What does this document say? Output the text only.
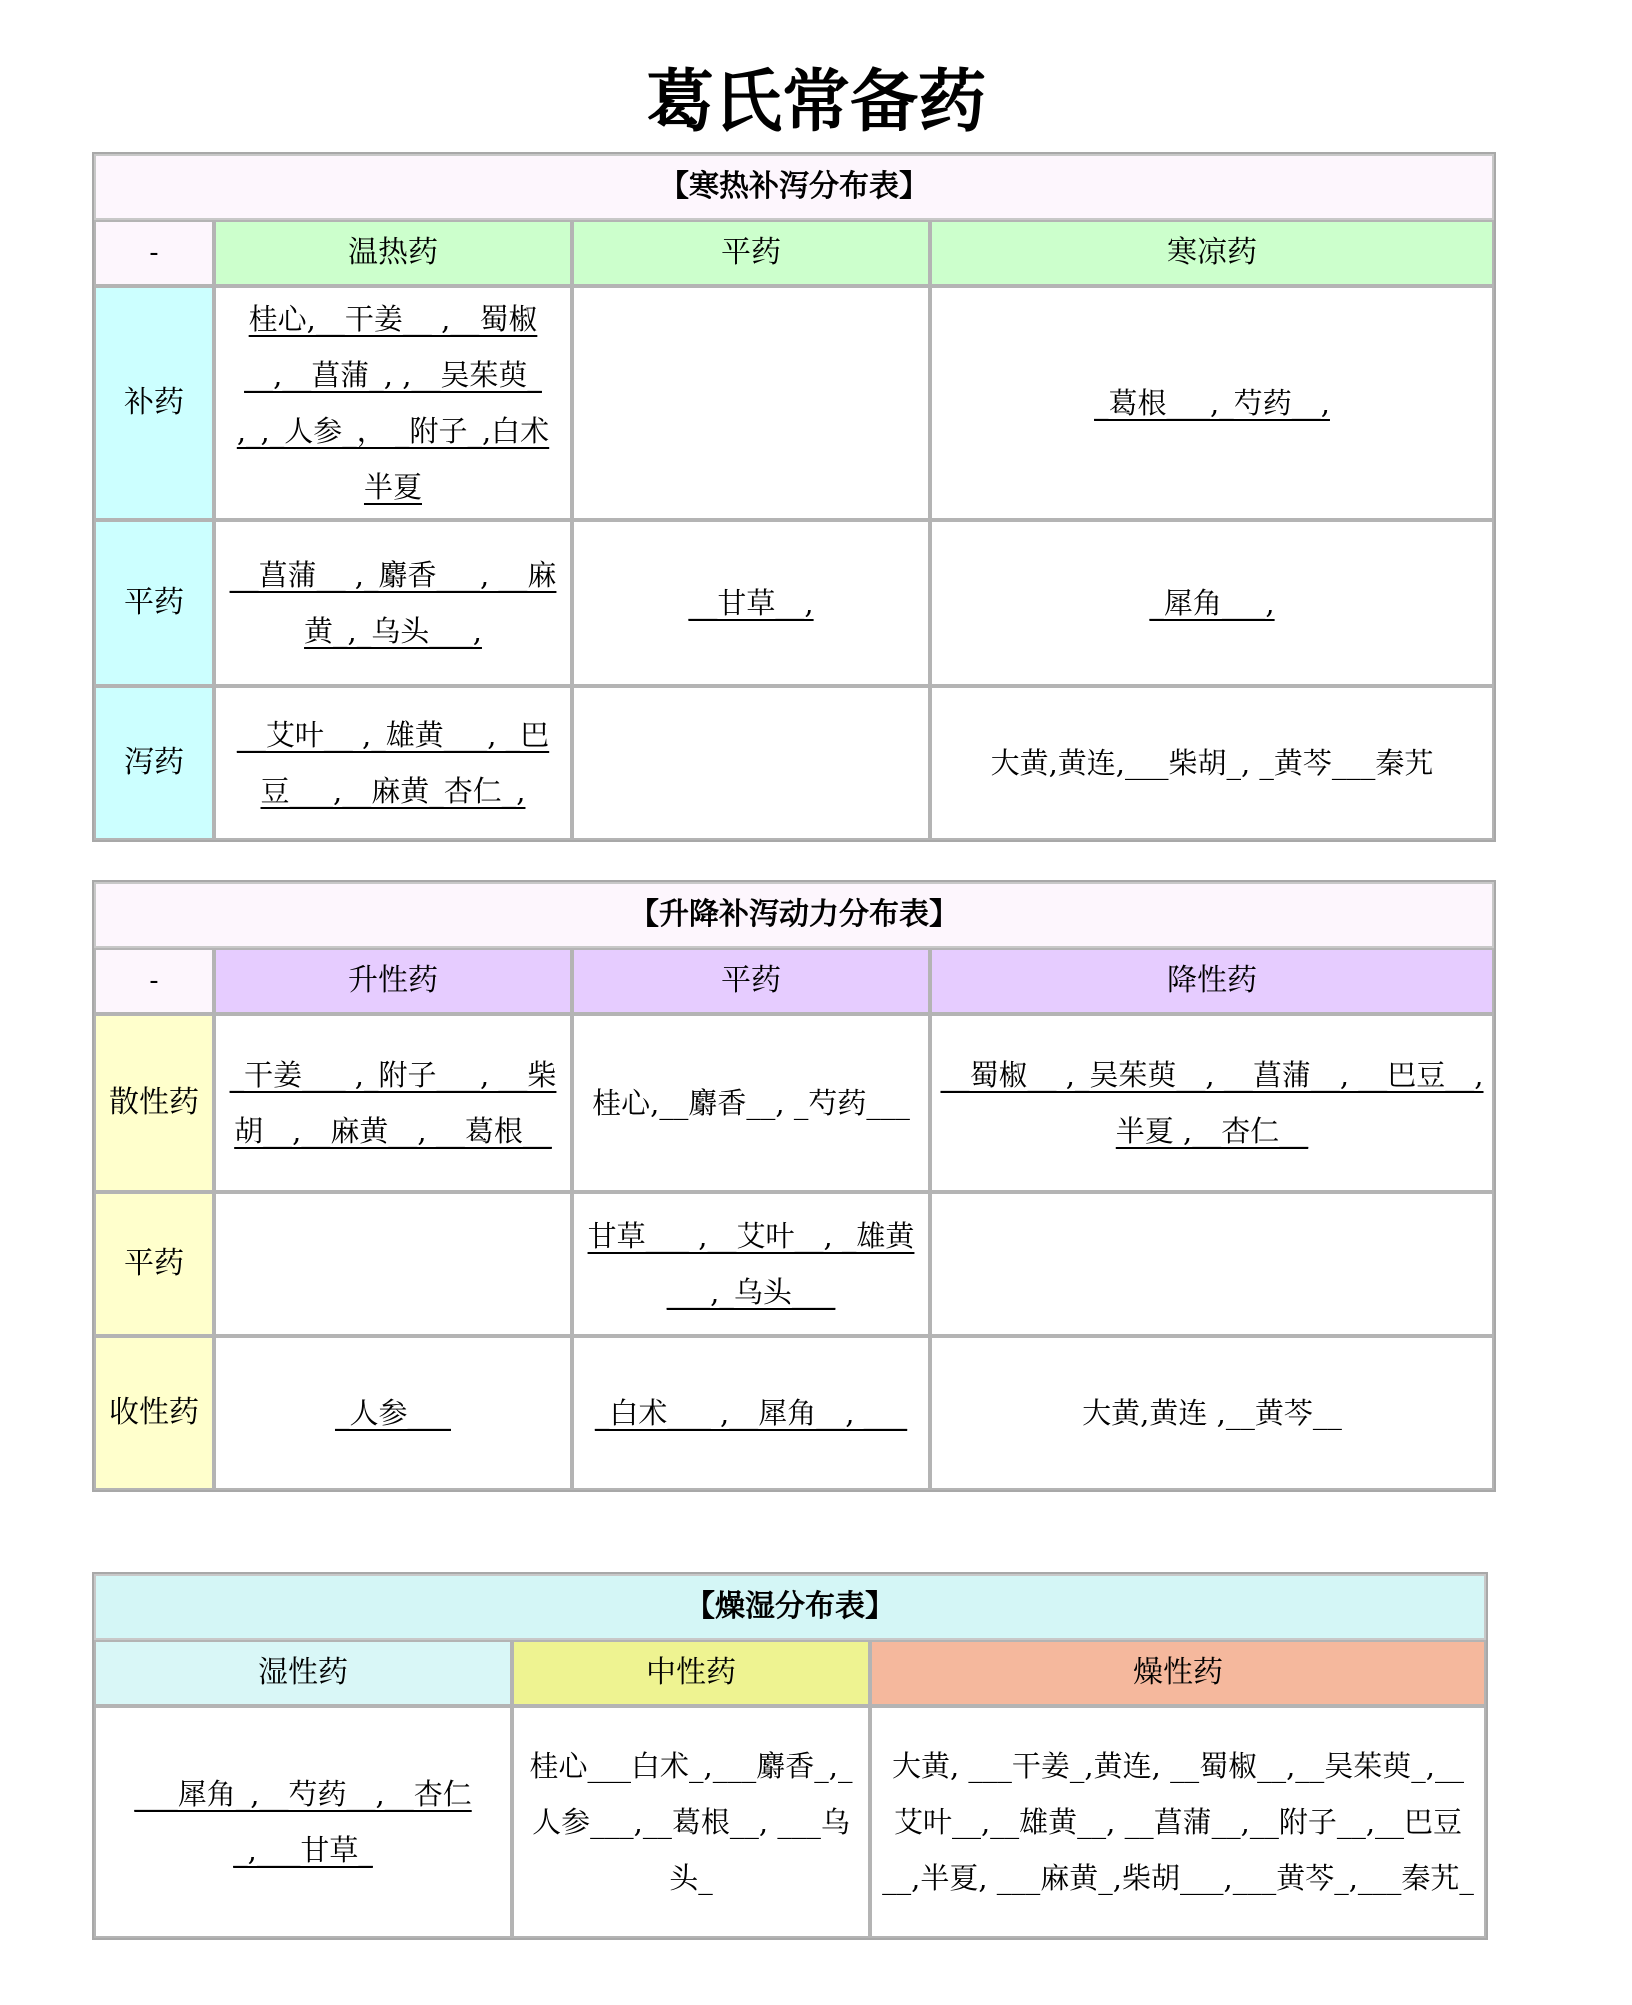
葛氏常备药
【寒热补泻分布表】			
-	温热药	平药	寒凉药
补药	桂心,__干姜__ ,__蜀椒__,__菖蒲_, ,__吴茱萸_ ,_,_人参_， _附子_,白术半夏		_葛根___,_芍药__,
平药	__菖蒲__ ,_麝香___, __麻黄_,_乌头___,	__甘草__,	_犀角___,
泻药	__艾叶__ ,_雄黄___, _巴豆___,__麻黄_杏仁_,		大黄,黄连,___柴胡_, _黄芩___秦艽
【升降补泻动力分布表】			
-	升性药	平药	降性药
散性药	_干姜___ ,_附子___, __柴胡__,__麻黄__, __葛根__	桂心,__麝香__, _芍药___	__蜀椒__ ,_吴茱萸__, __菖蒲__, __巴豆__,半夏 ,__杏仁__
平药		甘草___ ,__艾叶__, _雄黄___,_乌头___	
收性药	_人参___	_白术___ ,__犀角__, ___	大黄,黄连 ,__黄芩__
【燥湿分布表】		
湿性药	中性药	燥性药
___犀角_,__芍药__,__杏仁 _,___甘草_	桂心___白术_,___麝香_,_人参___,__葛根__, ___乌头_	大黄, ___干姜_,黄连, __蜀椒__,__吴茱萸_,__艾叶__,__雄黄__, __菖蒲__,__附子__,__巴豆__,半夏, ___麻黄_,柴胡___,___黄芩_,___秦艽_
